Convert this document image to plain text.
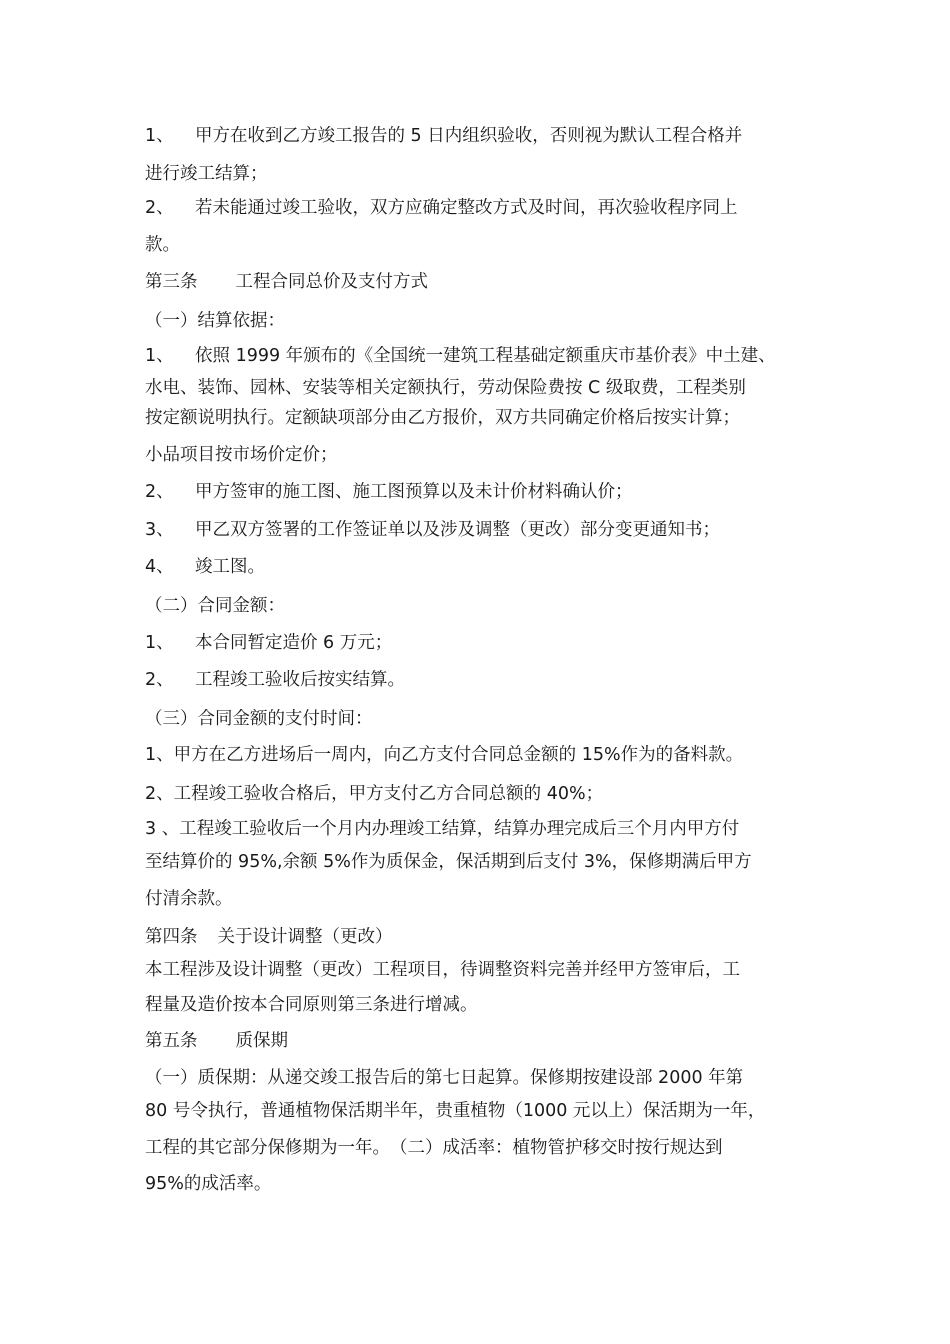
1、 甲方在收到乙方竣工报告的 5 日内组织验收，否则视为默认工程合格并
进行竣工结算；
2、 若未能通过竣工验收，双方应确定整改方式及时间，再次验收程序同上
款。
第三条 工程合同总价及支付方式
（一）结算依据：
1、 依照 1999 年颁布的《全国统一建筑工程基础定额重庆市基价表》中土建、
水电、装饰、园林、安装等相关定额执行，劳动保险费按 C 级取费，工程类别
按定额说明执行。定额缺项部分由乙方报价，双方共同确定价格后按实计算；
小品项目按市场价定价；
2、 甲方签审的施工图、施工图预算以及未计价材料确认价；
3、 甲乙双方签署的工作签证单以及涉及调整（更改）部分变更通知书；
4、 竣工图。
（二）合同金额：
1、 本合同暂定造价 6 万元；
2、 工程竣工验收后按实结算。
（三）合同金额的支付时间：
1、甲方在乙方进场后一周内，向乙方支付合同总金额的 15%作为的备料款。
2、工程竣工验收合格后，甲方支付乙方合同总额的 40%；
3 、工程竣工验收后一个月内办理竣工结算，结算办理完成后三个月内甲方付
至结算价的 95%,余额 5%作为质保金，保活期到后支付 3%，保修期满后甲方
付清余款。
第四条 关于设计调整（更改）
本工程涉及设计调整（更改）工程项目，待调整资料完善并经甲方签审后，工
程量及造价按本合同原则第三条进行增减。
第五条 质保期
（一）质保期：从递交竣工报告后的第七日起算。保修期按建设部 2000 年第
80 号令执行，普通植物保活期半年，贵重植物（1000 元以上）保活期为一年，
工程的其它部分保修期为一年。　（二）成活率：植物管护移交时按行规达到
95%的成活率。
